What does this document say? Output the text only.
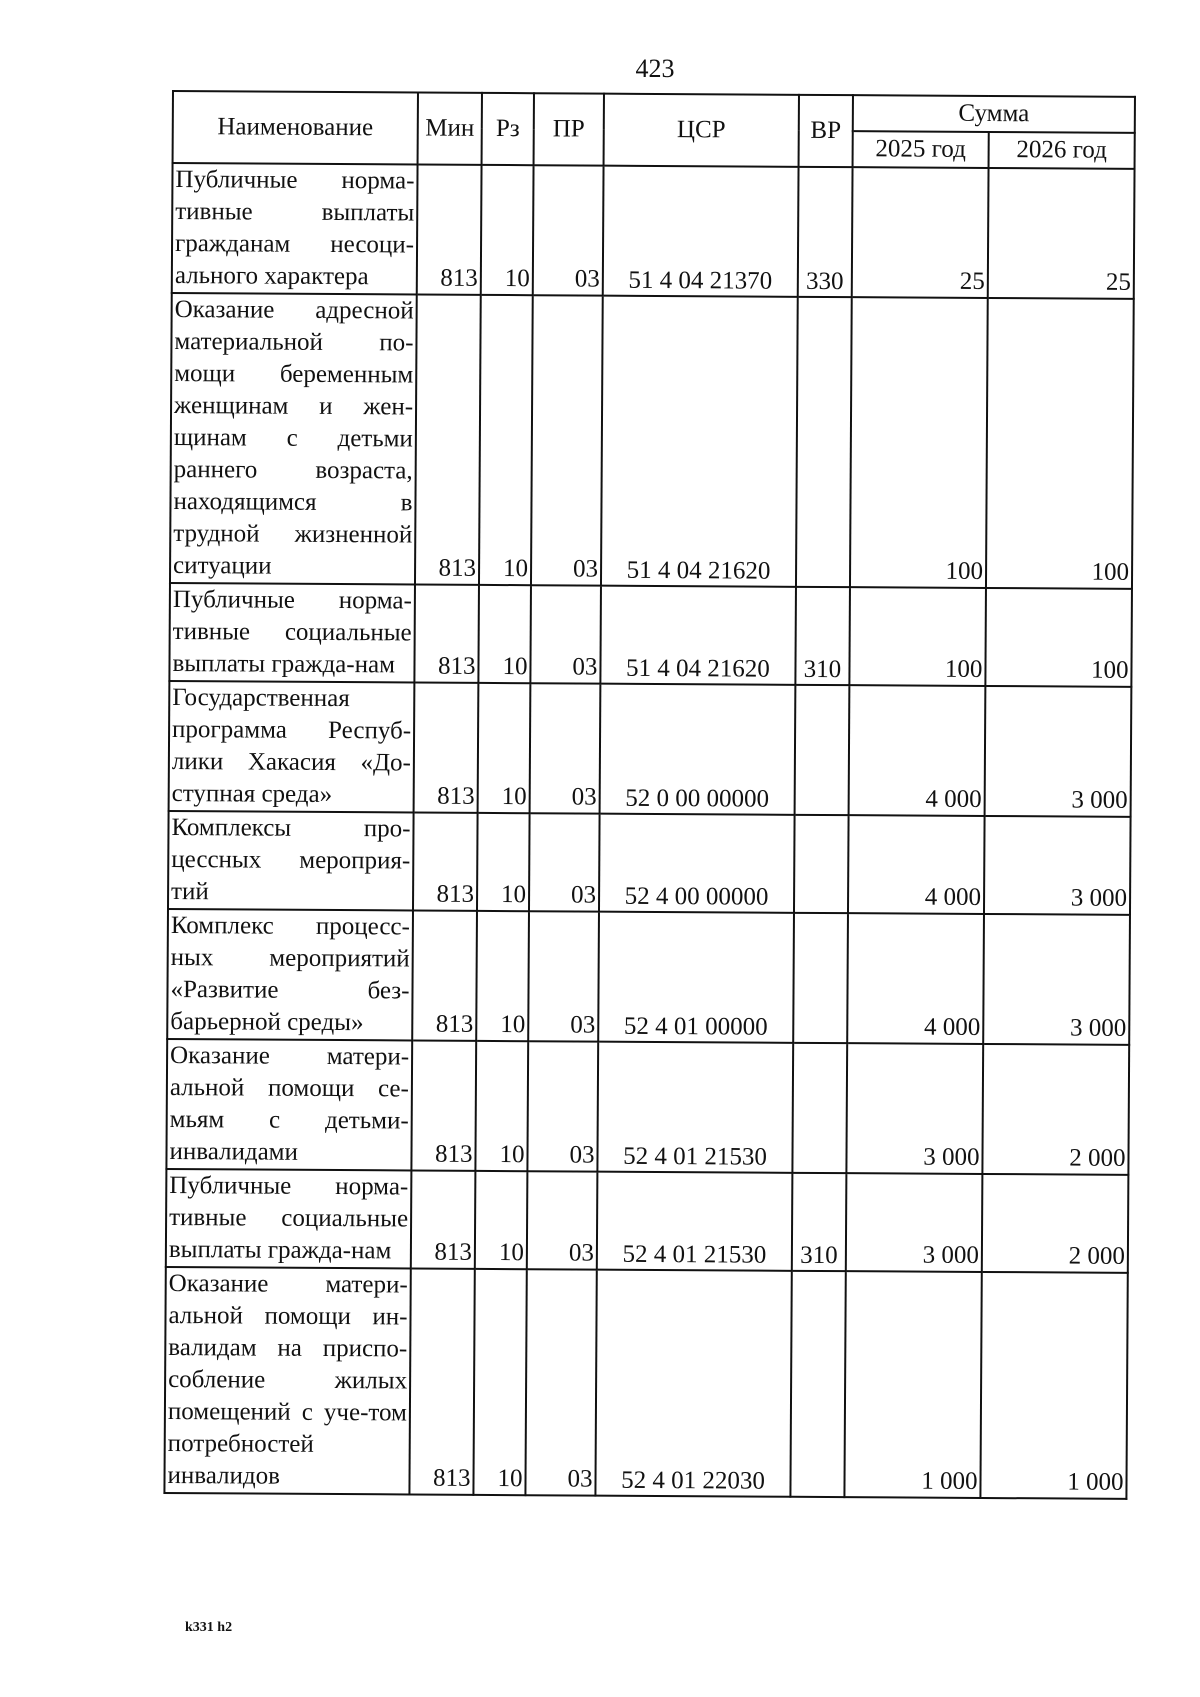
423
Наименование	Мин	Рз	ПР	ЦСР	ВР	Сумма	
						2025 год	2026 год
Публичные норма-тивные выплаты гражданам несоци-ального характера	813	10	03	51 4 04 21370	330	25	25
Оказание адресной материальной по-мощи беременным женщинам и жен-щинам с детьми раннего возраста, находящимся в трудной жизненной ситуации	813	10	03	51 4 04 21620		100	100
Публичные норма-тивные социальные выплаты гражда-нам	813	10	03	51 4 04 21620	310	100	100
Государственная программа Респуб-лики Хакасия «До-ступная среда»	813	10	03	52 0 00 00000		4 000	3 000
Комплексы про-цессных мероприя-тий	813	10	03	52 4 00 00000		4 000	3 000
Комплекс процесс-ных мероприятий «Развитие без-барьерной среды»	813	10	03	52 4 01 00000		4 000	3 000
Оказание матери-альной помощи се-мьям с детьми-инвалидами	813	10	03	52 4 01 21530		3 000	2 000
Публичные норма-тивные социальные выплаты гражда-нам	813	10	03	52 4 01 21530	310	3 000	2 000
Оказание матери-альной помощи ин-валидам на приспо-собление жилых помещений с уче-том потребностей инвалидов	813	10	03	52 4 01 22030		1 000	1 000
k331 h2
